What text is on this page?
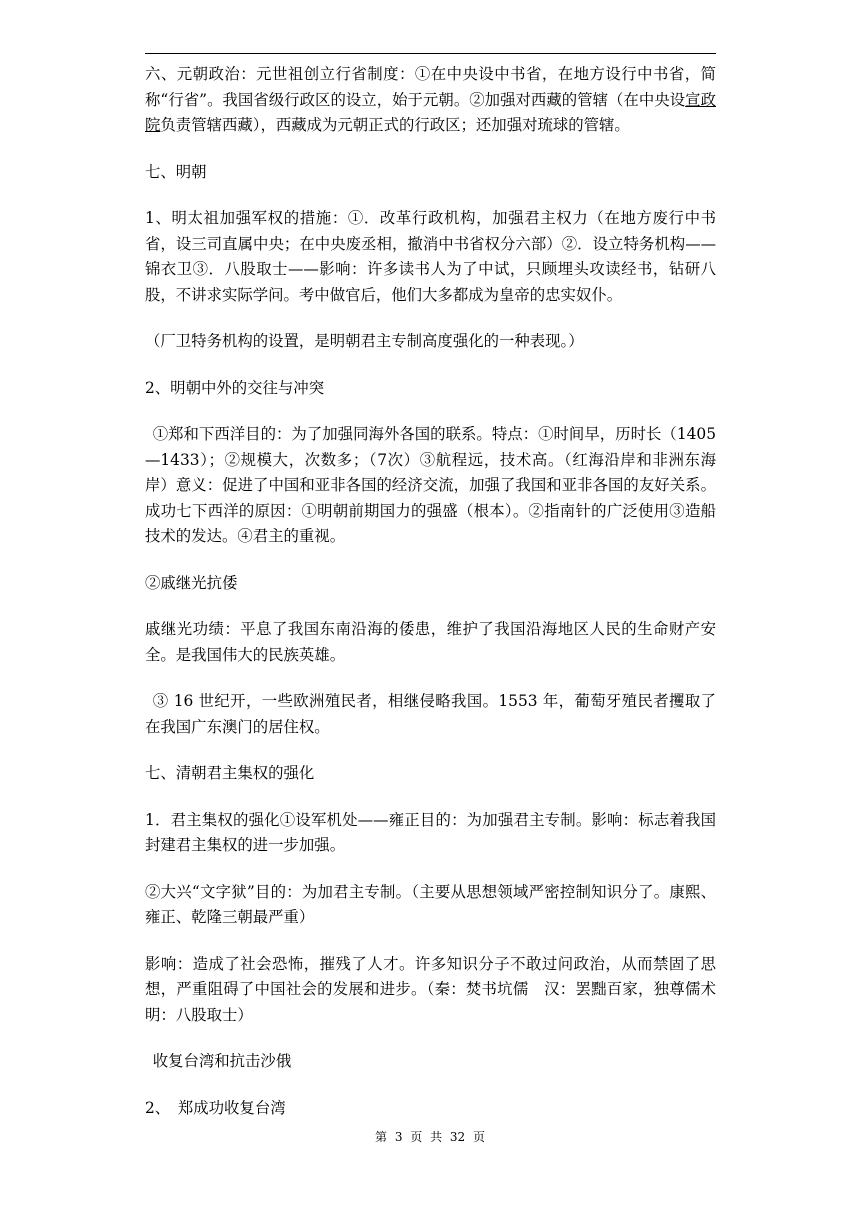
六、元朝政治：元世祖创立行省制度：①在中央设中书省，在地方设行中书省，简称“行省”。我国省级行政区的设立，始于元朝。②加强对西藏的管辖（在中央设宣政院负责管辖西藏），西藏成为元朝正式的行政区；还加强对琉球的管辖。

七、明朝

1、明太祖加强军权的措施：①．改革行政机构，加强君主权力（在地方废行中书省，设三司直属中央；在中央废丞相，撤消中书省权分六部）②．设立特务机构——锦衣卫③．八股取士——影响：许多读书人为了中试，只顾埋头攻读经书，钻研八股，不讲求实际学问。考中做官后，他们大多都成为皇帝的忠实奴仆。

（厂卫特务机构的设置，是明朝君主专制高度强化的一种表现。）

2、明朝中外的交往与冲突

①郑和下西洋目的：为了加强同海外各国的联系。特点：①时间早，历时长（1405—1433）；②规模大，次数多；（7次）③航程远，技术高。（红海沿岸和非洲东海岸）意义：促进了中国和亚非各国的经济交流，加强了我国和亚非各国的友好关系。成功七下西洋的原因：①明朝前期国力的强盛（根本）。②指南针的广泛使用③造船技术的发达。④君主的重视。

②戚继光抗倭

戚继光功绩：平息了我国东南沿海的倭患，维护了我国沿海地区人民的生命财产安全。是我国伟大的民族英雄。

③ 16 世纪开，一些欧洲殖民者，相继侵略我国。1553 年，葡萄牙殖民者攫取了在我国广东澳门的居住权。

七、清朝君主集权的强化

1．君主集权的强化①设军机处——雍正目的：为加强君主专制。影响：标志着我国封建君主集权的进一步加强。

②大兴“文字狱”目的：为加君主专制。（主要从思想领域严密控制知识分了。康熙、雍正、乾隆三朝最严重）

影响：造成了社会恐怖，摧残了人才。许多知识分子不敢过问政治，从而禁固了思想，严重阻碍了中国社会的发展和进步。（秦：焚书坑儒　汉：罢黜百家，独尊儒术　明：八股取士）

收复台湾和抗击沙俄

2、　郑成功收复台湾

第 3 页 共 32 页
